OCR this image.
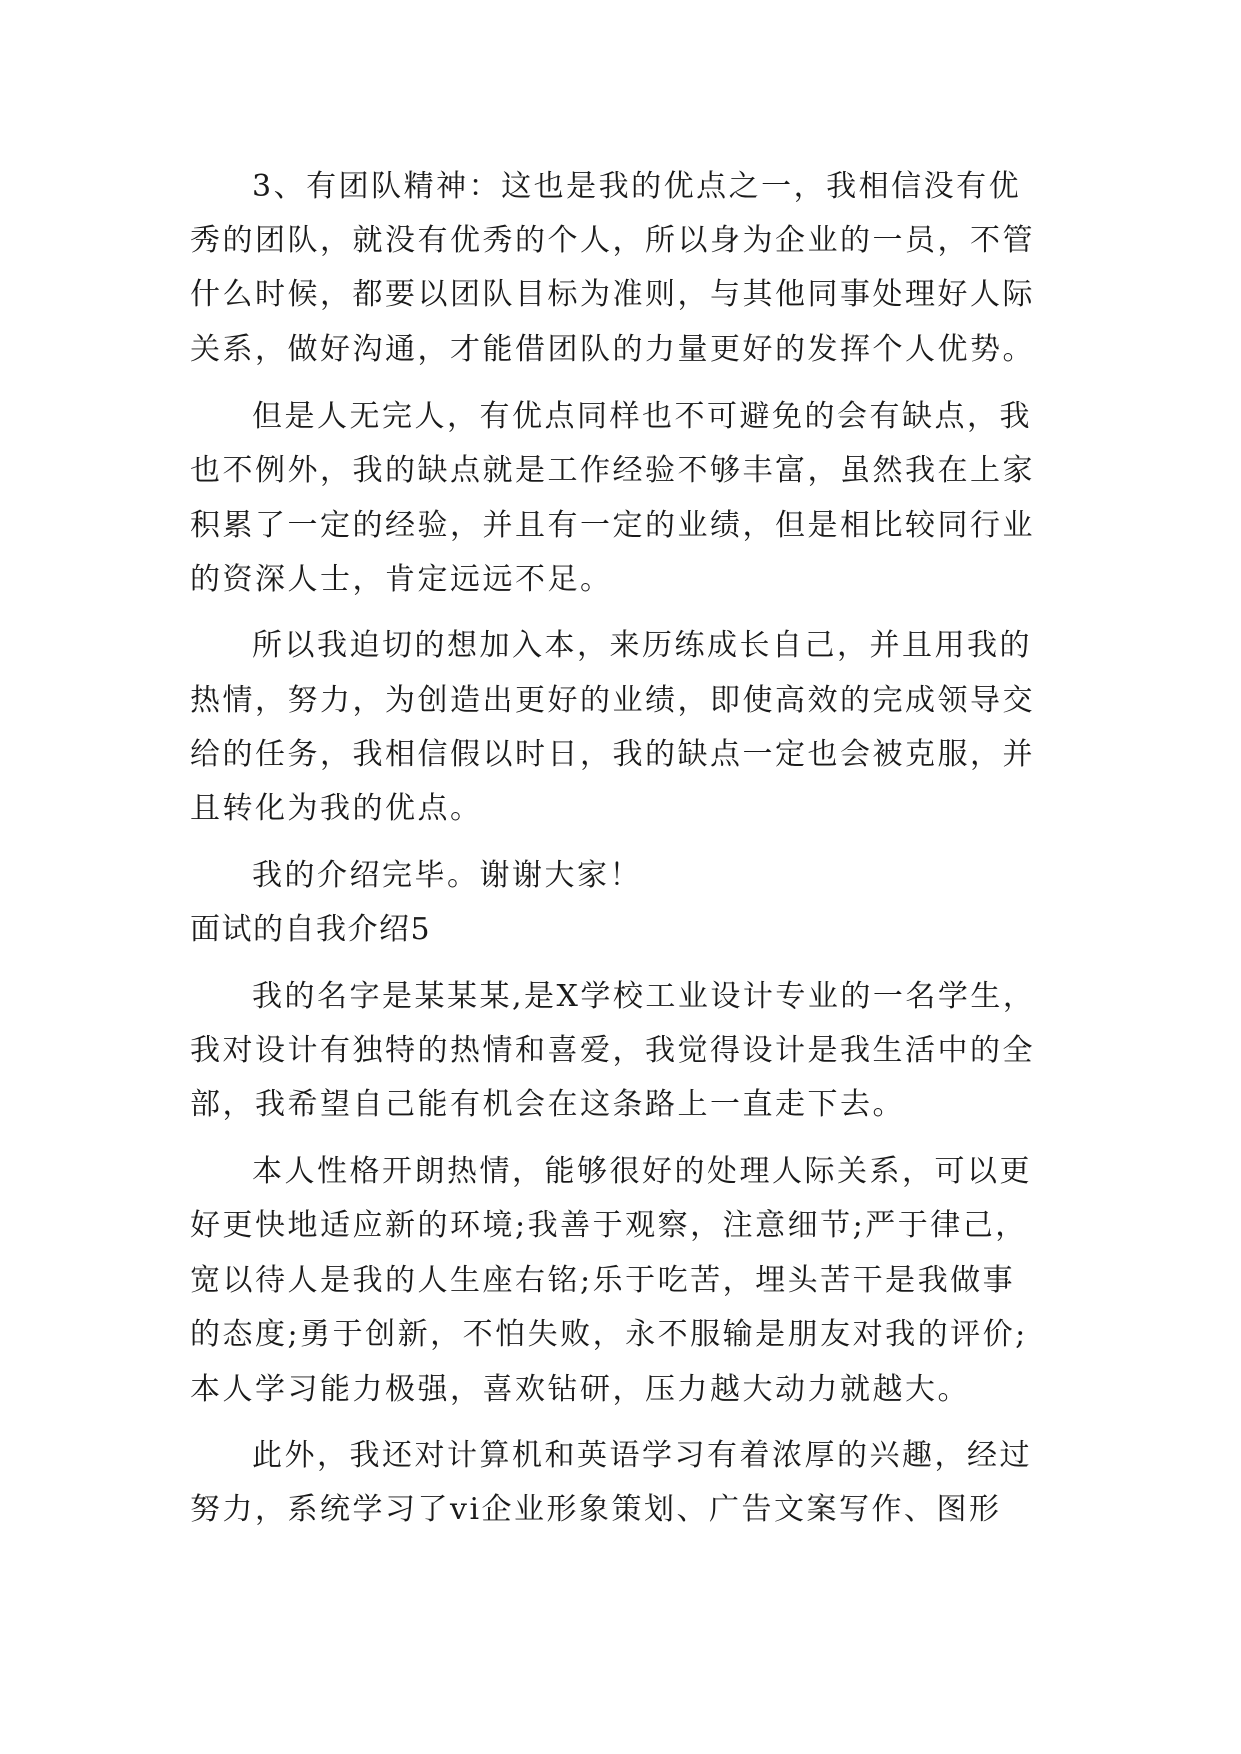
3、有团队精神：这也是我的优点之一，我相信没有优
秀的团队，就没有优秀的个人，所以身为企业的一员，不管
什么时候，都要以团队目标为准则，与其他同事处理好人际
关系，做好沟通，才能借团队的力量更好的发挥个人优势。
但是人无完人，有优点同样也不可避免的会有缺点，我
也不例外，我的缺点就是工作经验不够丰富，虽然我在上家
积累了一定的经验，并且有一定的业绩，但是相比较同行业
的资深人士，肯定远远不足。
所以我迫切的想加入本，来历练成长自己，并且用我的
热情，努力，为创造出更好的业绩，即使高效的完成领导交
给的任务，我相信假以时日，我的缺点一定也会被克服，并
且转化为我的优点。
我的介绍完毕。谢谢大家！
面试的自我介绍5
我的名字是某某某,是X学校工业设计专业的一名学生，
我对设计有独特的热情和喜爱，我觉得设计是我生活中的全
部，我希望自己能有机会在这条路上一直走下去。
本人性格开朗热情，能够很好的处理人际关系，可以更
好更快地适应新的环境;我善于观察，注意细节;严于律己，
宽以待人是我的人生座右铭;乐于吃苦，埋头苦干是我做事
的态度;勇于创新，不怕失败，永不服输是朋友对我的评价;
本人学习能力极强，喜欢钻研，压力越大动力就越大。
此外，我还对计算机和英语学习有着浓厚的兴趣，经过
努力，系统学习了vi企业形象策划、广告文案写作、图形
